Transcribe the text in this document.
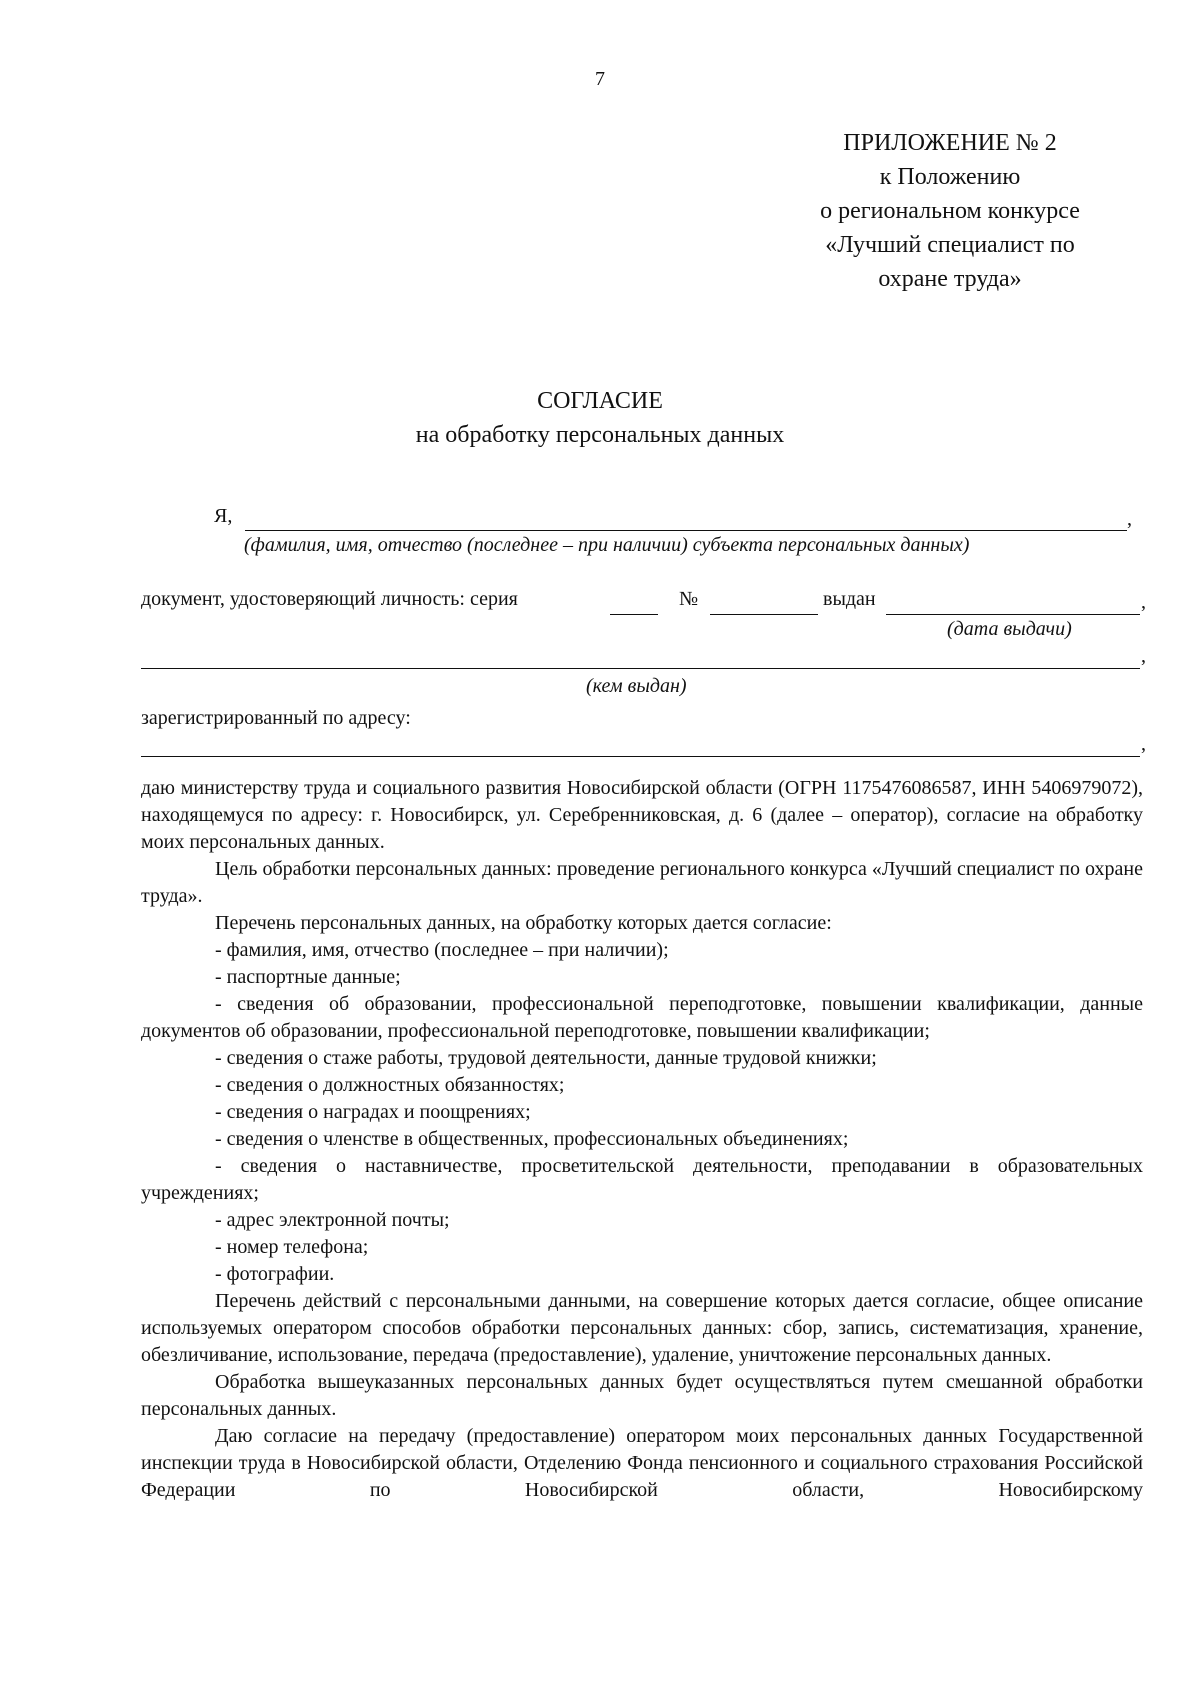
7
ПРИЛОЖЕНИЕ № 2
к Положению
о региональном конкурсе
«Лучший специалист по
охране труда»
СОГЛАСИЕ
на обработку персональных данных
Я,	,
(фамилия, имя, отчество (последнее – при наличии) субъекта персональных данных)
документ, удостоверяющий личность: серия	№	выдан	,
(дата выдачи)
,
(кем выдан)
зарегистрированный по адресу:
,

даю министерству труда и социального развития Новосибирской области (ОГРН 1175476086587, ИНН 5406979072), находящемуся по адресу: г. Новосибирск, ул. Серебренниковская, д. 6 (далее – оператор), согласие на обработку моих персональных данных.

Цель обработки персональных данных: проведение регионального конкурса «Лучший специалист по охране труда».

Перечень персональных данных, на обработку которых дается согласие:

- фамилия, имя, отчество (последнее – при наличии);

- паспортные данные;

- сведения об образовании, профессиональной переподготовке, повышении квалификации, данные документов об образовании, профессиональной переподготовке, повышении квалификации;

- сведения о стаже работы, трудовой деятельности, данные трудовой книжки;

- сведения о должностных обязанностях;

- сведения о наградах и поощрениях;

- сведения о членстве в общественных, профессиональных объединениях;

- сведения о наставничестве, просветительской деятельности, преподавании в образовательных учреждениях;

- адрес электронной почты;

- номер телефона;

- фотографии.

Перечень действий с персональными данными, на совершение которых дается согласие, общее описание используемых оператором способов обработки персональных данных: сбор, запись, систематизация, хранение, обезличивание, использование, передача (предоставление), удаление, уничтожение персональных данных.

Обработка вышеуказанных персональных данных будет осуществляться путем смешанной обработки персональных данных.

Даю согласие на передачу (предоставление) оператором моих персональных данных Государственной инспекции труда в Новосибирской области, Отделению Фонда пенсионного и социального страхования Российской Федерации по Новосибирской области, Новосибирскому
